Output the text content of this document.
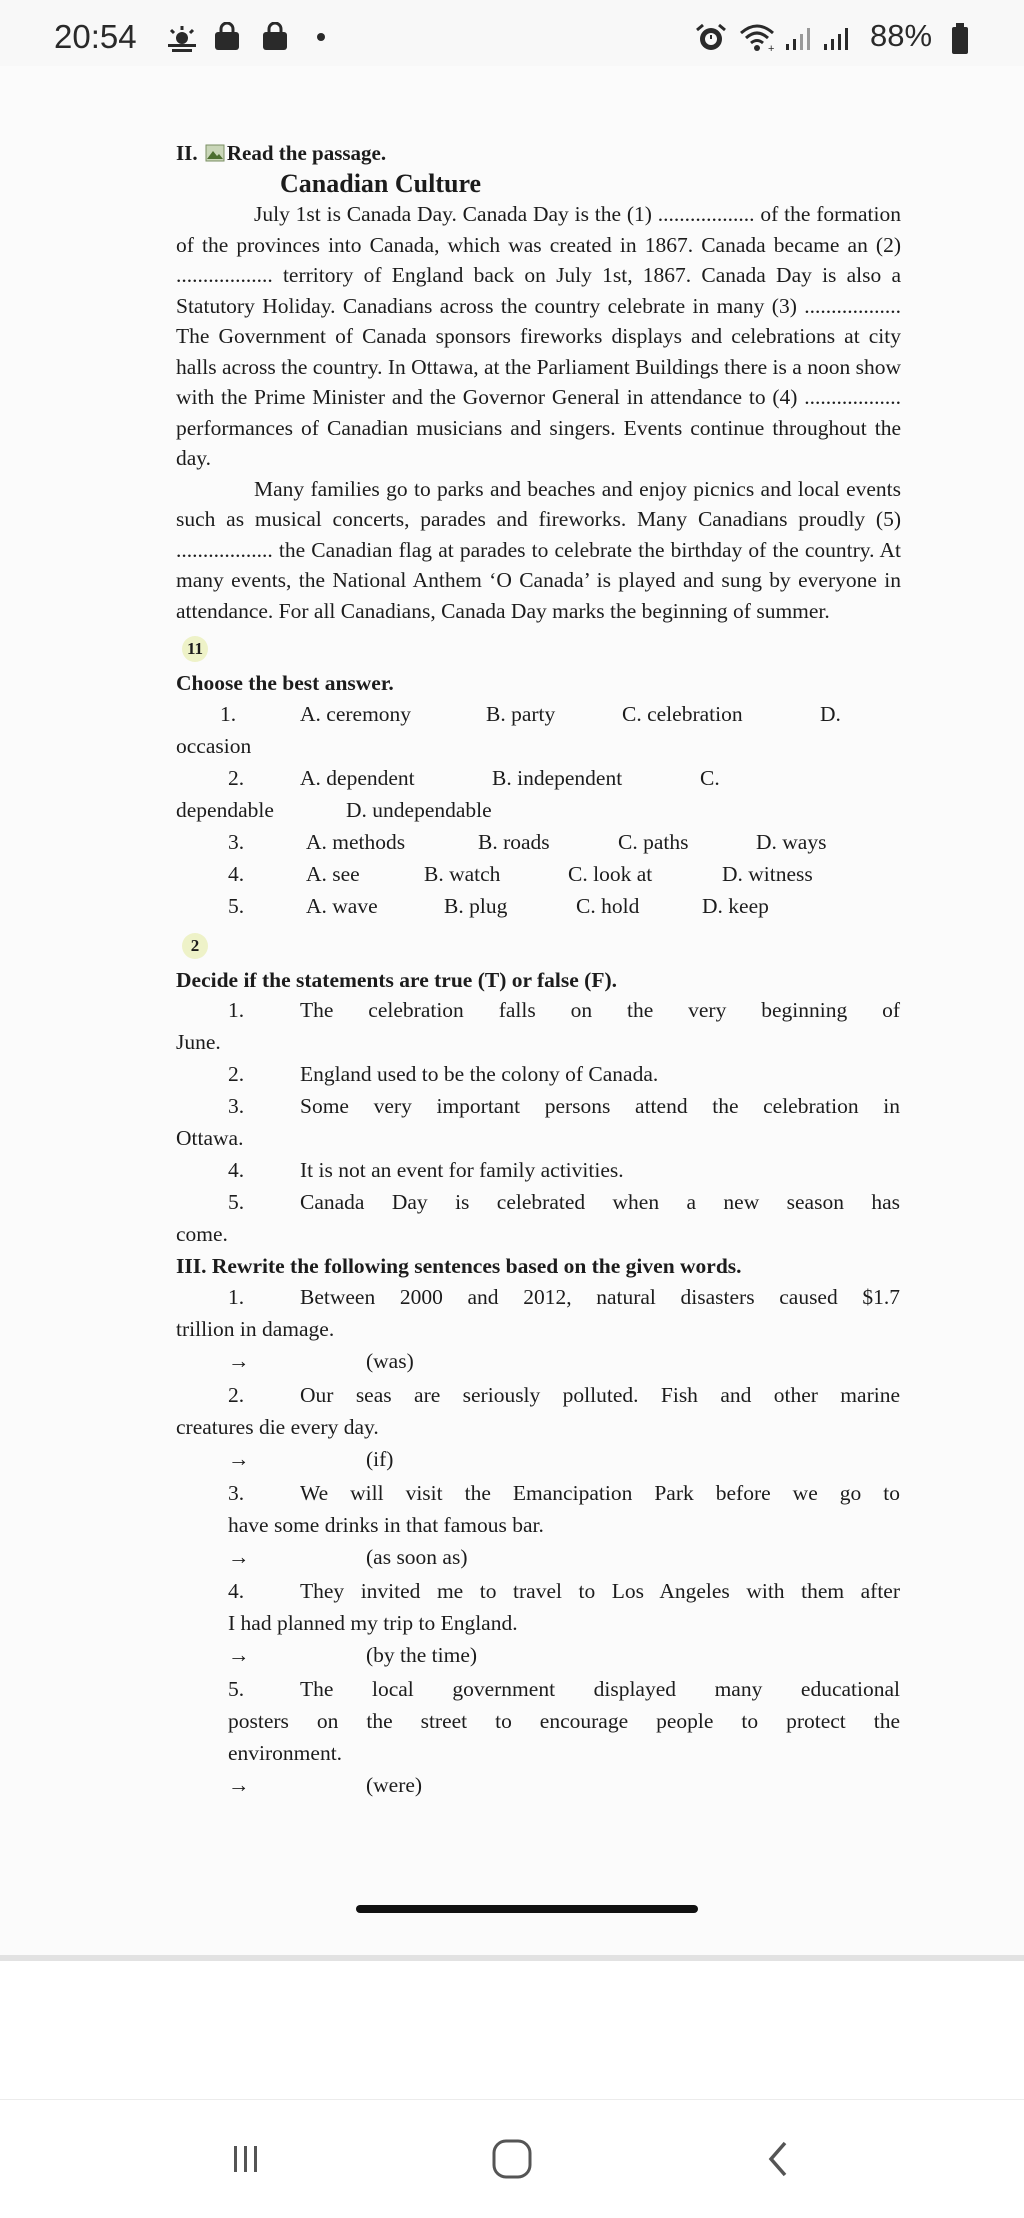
20:54	+	88%

II. Read the passage.

Canadian Culture

July 1st is Canada Day. Canada Day is the (1) .................. of the formation of the provinces into Canada, which was created in 1867. Canada became an (2) .................. territory of England back on July 1st, 1867. Canada Day is also a Statutory Holiday. Canadians across the country celebrate in many (3) .................. The Government of Canada sponsors fireworks displays and celebrations at city halls across the country. In Ottawa, at the Parliament Buildings there is a noon show with the Prime Minister and the Governor General in attendance to (4) .................. performances of Canadian musicians and singers. Events continue throughout the day.

Many families go to parks and beaches and enjoy picnics and local events such as musical concerts, parades and fireworks. Many Canadians proudly (5) .................. the Canadian flag at parades to celebrate the birthday of the country. At many events, the National Anthem ‘O Canada’ is played and sung by everyone in attendance. For all Canadians, Canada Day marks the beginning of summer.

11

Choose the best answer.

1.	A. ceremony	B. party	C. celebration	D.
occasion
2.	A. dependent	B. independent	C.
dependable	D. undependable
3.	A. methods	B. roads	C. paths	D. ways
4.	A. see	B. watch	C. look at	D. witness
5.	A. wave	B. plug	C. hold	D. keep
2

Decide if the statements are true (T) or false (F).

1.	The celebration falls on the very beginning of
June.
2.	England used to be the colony of Canada.
3.	Some very important persons attend the celebration in
Ottawa.
4.	It is not an event for family activities.
5.	Canada Day is celebrated when a new season has
come.

III. Rewrite the following sentences based on the given words.

1.	Between 2000 and 2012, natural disasters caused $1.7
trillion in damage.
→	(was)
2.	Our seas are seriously polluted. Fish and other marine
creatures die every day.
→	(if)
3.	We will visit the Emancipation Park before we go to
have some drinks in that famous bar.
→	(as soon as)
4.	They invited me to travel to Los Angeles with them after
I had planned my trip to England.
→	(by the time)
5.	The local government displayed many educational
posters on the street to encourage people to protect the
environment.
→	(were)
